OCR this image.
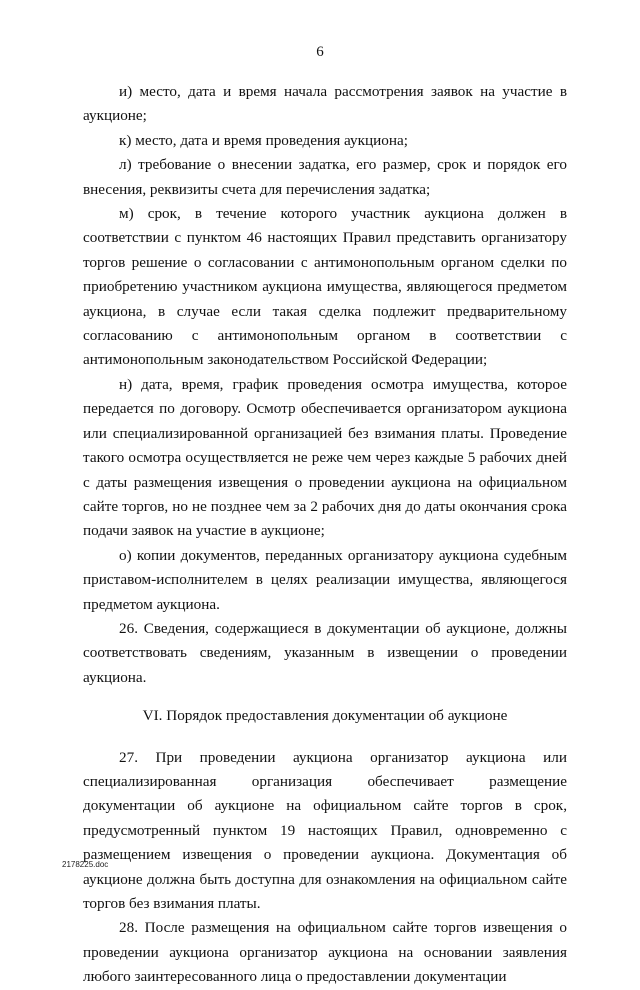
6

и) место, дата и время начала рассмотрения заявок на участие в аукционе;

к) место, дата и время проведения аукциона;

л) требование о внесении задатка, его размер, срок и порядок его внесения, реквизиты счета для перечисления задатка;

м) срок, в течение которого участник аукциона должен в соответствии с пунктом 46 настоящих Правил представить организатору торгов решение о согласовании с антимонопольным органом сделки по приобретению участником аукциона имущества, являющегося предметом аукциона, в случае если такая сделка подлежит предварительному согласованию с антимонопольным органом в соответствии с антимонопольным законодательством Российской Федерации;

н) дата, время, график проведения осмотра имущества, которое передается по договору. Осмотр обеспечивается организатором аукциона или специализированной организацией без взимания платы. Проведение такого осмотра осуществляется не реже чем через каждые 5 рабочих дней с даты размещения извещения о проведении аукциона на официальном сайте торгов, но не позднее чем за 2 рабочих дня до даты окончания срока подачи заявок на участие в аукционе;

о) копии документов, переданных организатору аукциона судебным приставом-исполнителем в целях реализации имущества, являющегося предметом аукциона.

26. Сведения, содержащиеся в документации об аукционе, должны соответствовать сведениям, указанным в извещении о проведении аукциона.

VI. Порядок предоставления документации об аукционе

27. При проведении аукциона организатор аукциона или специализированная организация обеспечивает размещение документации об аукционе на официальном сайте торгов в срок, предусмотренный пунктом 19 настоящих Правил, одновременно с размещением извещения о проведении аукциона. Документация об аукционе должна быть доступна для ознакомления на официальном сайте торгов без взимания платы.

28. После размещения на официальном сайте торгов извещения о проведении аукциона организатор аукциона на основании заявления любого заинтересованного лица о предоставлении документации

2178225.doc
